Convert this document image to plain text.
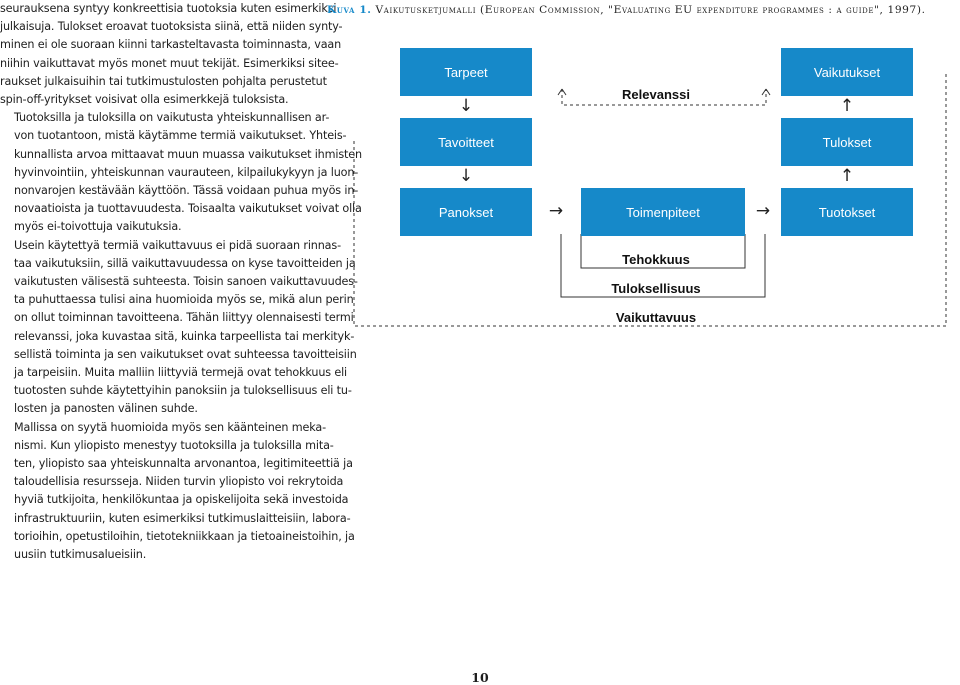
seurauksena syntyy konkreettisia tuotoksia kuten esimerkiksi
julkaisuja. Tulokset eroavat tuotoksista siinä, että niiden synty-
minen ei ole suoraan kiinni tarkasteltavasta toiminnasta, vaan
niihin vaikuttavat myös monet muut tekijät. Esimerkiksi siteе-
raukset julkaisuihin tai tutkimustulosten pohjalta perustetut
spin-off-yritykset voisivat olla esimerkkejä tuloksista.
Tuotoksilla ja tuloksilla on vaikutusta yhteiskunnallisen ar-
von tuotantoon, mistä käytämme termiä vaikutukset. Yhteis-
kunnallista arvoa mittaavat muun muassa vaikutukset ihmisten
hyvinvointiin, yhteiskunnan vaurauteen, kilpailukykyyn ja luon-
nonvarojen kestävään käyttöön. Tässä voidaan puhua myös in-
novaatioista ja tuottavuudesta. Toisaalta vaikutukset voivat olla
myös ei-toivottuja vaikutuksia.
Usein käytettyä termiä vaikuttavuus ei pidä suoraan rinnas-
taa vaikutuksiin, sillä vaikuttavuudessa on kyse tavoitteiden ja
vaikutusten välisestä suhteesta. Toisin sanoen vaikuttavuudes-
ta puhuttaessa tulisi aina huomioida myös se, mikä alun perin
on ollut toiminnan tavoitteena. Tähän liittyy olennaisesti termi
relevanssi, joka kuvastaa sitä, kuinka tarpeellista tai merkityk-
sellistä toiminta ja sen vaikutukset ovat suhteessa tavoitteisiin
ja tarpeisiin. Muita malliin liittyviä termejä ovat tehokkuus eli
tuotosten suhde käytettyihin panoksiin ja tuloksellisuus eli tu-
losten ja panosten välinen suhde.
Mallissa on syytä huomioida myös sen käänteinen meka-
nismi. Kun yliopisto menestyy tuotoksilla ja tuloksilla mita-
ten, yliopisto saa yhteiskunnalta arvonantoa, legitimiteettiä ja
taloudellisia resursseja. Niiden turvin yliopisto voi rekrytoida
hyviä tutkijoita, henkilökuntaa ja opiskelijoita sekä investoida
infrastruktuuriin, kuten esimerkiksi tutkimuslaitteisiin, labora-
torioihin, opetustiloihin, tietotekniikkaan ja tietoaineistoihin, ja
uusiin tutkimusalueisiin.
Kuva 1. Vaikutusketjumalli (European Commission, "Evaluating EU expenditure programmes : a guide", 1997).
Tarpeet	Vaikutukset
Tavoitteet	Tulokset
Panokset	Toimenpiteet	Tuotokset
↓
↓
↑
↑
→	→
Relevanssi
Tehokkuus
Tuloksellisuus
Vaikuttavuus
10
